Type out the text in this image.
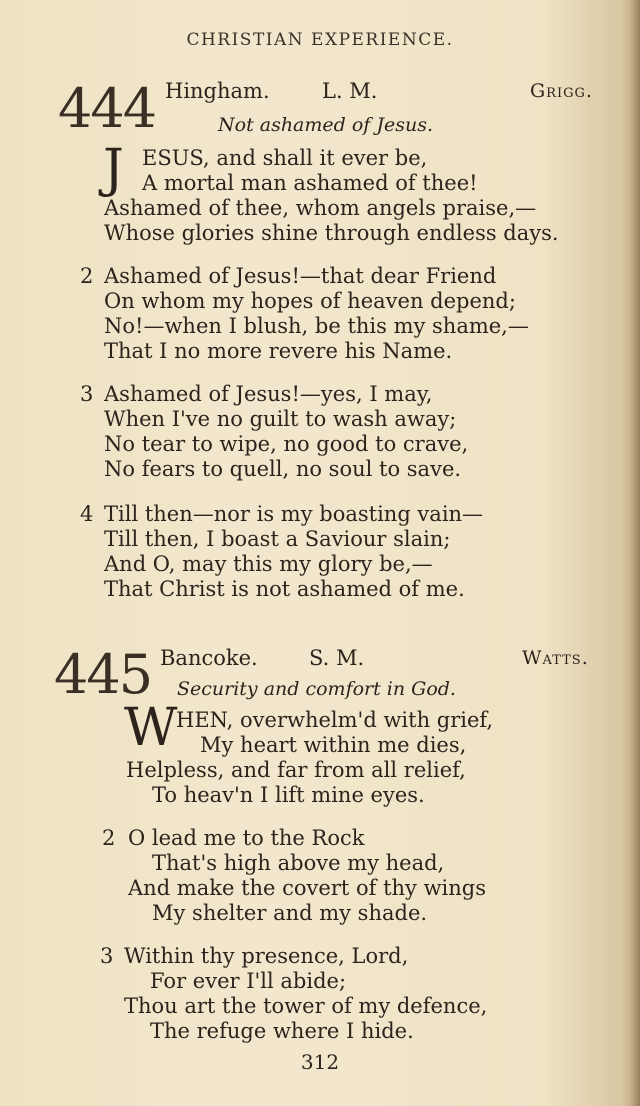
CHRISTIAN EXPERIENCE.
444 Hingham. L. M.	Grigg.
Not ashamed of Jesus.
J ESUS, and shall it ever be,
A mortal man ashamed of thee!
Ashamed of thee, whom angels praise,—
Whose glories shine through endless days.
2 Ashamed of Jesus!—that dear Friend
On whom my hopes of heaven depend;
No!—when I blush, be this my shame,—
That I no more revere his Name.
3 Ashamed of Jesus!—yes, I may,
When I've no guilt to wash away;
No tear to wipe, no good to crave,
No fears to quell, no soul to save.
4 Till then—nor is my boasting vain—
Till then, I boast a Saviour slain;
And O, may this my glory be,—
That Christ is not ashamed of me.
445 Bancoke. S. M.	Watts.
Security and comfort in God.
W
HEN, overwhelm'd with grief,
My heart within me dies,
Helpless, and far from all relief,
To heav'n I lift mine eyes.
2 O lead me to the Rock
That's high above my head,
And make the covert of thy wings
My shelter and my shade.
3 Within thy presence, Lord,
For ever I'll abide;
Thou art the tower of my defence,
The refuge where I hide.
312
